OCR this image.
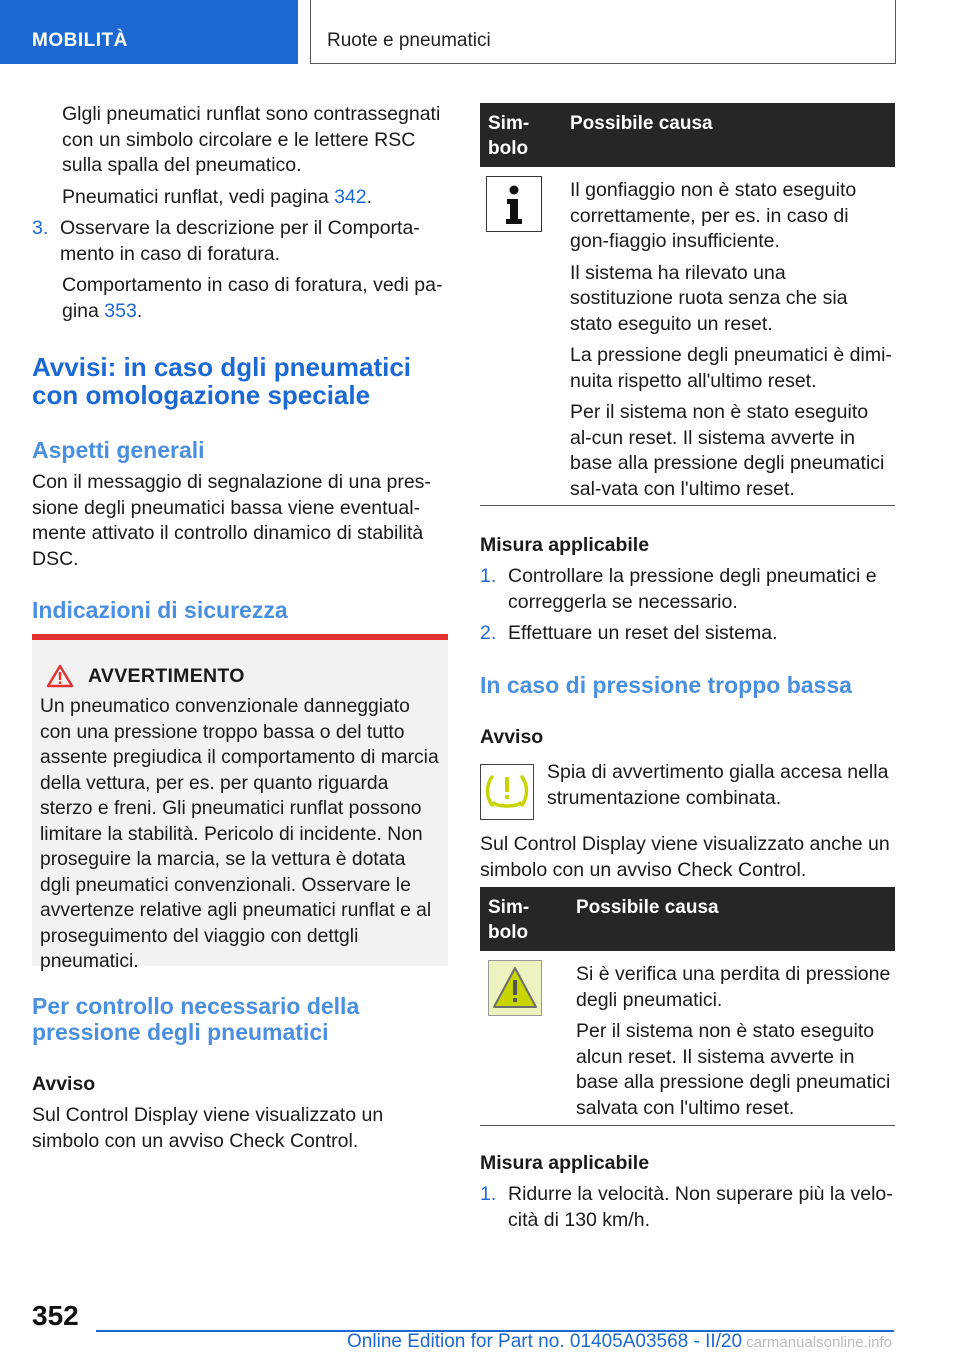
MOBILITÀ	Ruote e pneumatici

Glgli pneumatici runflat sono contrassegnati con un simbolo circolare e le lettere RSC sulla spalla del pneumatico.

Pneumatici runflat, vedi pagina 342.

3. Osservare la descrizione per il Comporta-mento in caso di foratura.

Comportamento in caso di foratura, vedi pa-gina 353.

Avvisi: in caso dgli pneumatici con omologazione speciale
Aspetti generali

Con il messaggio di segnalazione di una pres-sione degli pneumatici bassa viene eventual-mente attivato il controllo dinamico di stabilità DSC.

Indicazioni di sicurezza
AVVERTIMENTO
Un pneumatico convenzionale danneggiato con una pressione troppo bassa o del tutto assente pregiudica il comportamento di marcia della vettura, per es. per quanto riguarda sterzo e freni. Gli pneumatici runflat possono limitare la stabilità. Pericolo di incidente. Non proseguire la marcia, se la vettura è dotata dgli pneumatici convenzionali. Osservare le avvertenze relative agli pneumatici runflat e al proseguimento del viaggio con dettgli pneumatici.
Per controllo necessario della pressione degli pneumatici
Avviso

Sul Control Display viene visualizzato un simbolo con un avviso Check Control.

Sim-bolo
Possibile causa

Il gonfiaggio non è stato eseguito correttamente, per es. in caso di gon-fiaggio insufficiente.

Il sistema ha rilevato una sostituzione ruota senza che sia stato eseguito un reset.

La pressione degli pneumatici è dimi-nuita rispetto all'ultimo reset.

Per il sistema non è stato eseguito al-cun reset. Il sistema avverte in base alla pressione degli pneumatici sal-vata con l'ultimo reset.

Misura applicabile
1. Controllare la pressione degli pneumatici e correggerla se necessario.
2. Effettuare un reset del sistema.
In caso di pressione troppo bassa
Avviso

Spia di avvertimento gialla accesa nella strumentazione combinata.

Sul Control Display viene visualizzato anche un simbolo con un avviso Check Control.

Sim-bolo
Possibile causa

Si è verifica una perdita di pressione degli pneumatici.

Per il sistema non è stato eseguito alcun reset. Il sistema avverte in base alla pressione degli pneumatici salvata con l'ultimo reset.

Misura applicabile
1. Ridurre la velocità. Non superare più la velo-cità di 130 km/h.
352
Online Edition for Part no. 01405A03568 - II/20 carmanualsonline.info
